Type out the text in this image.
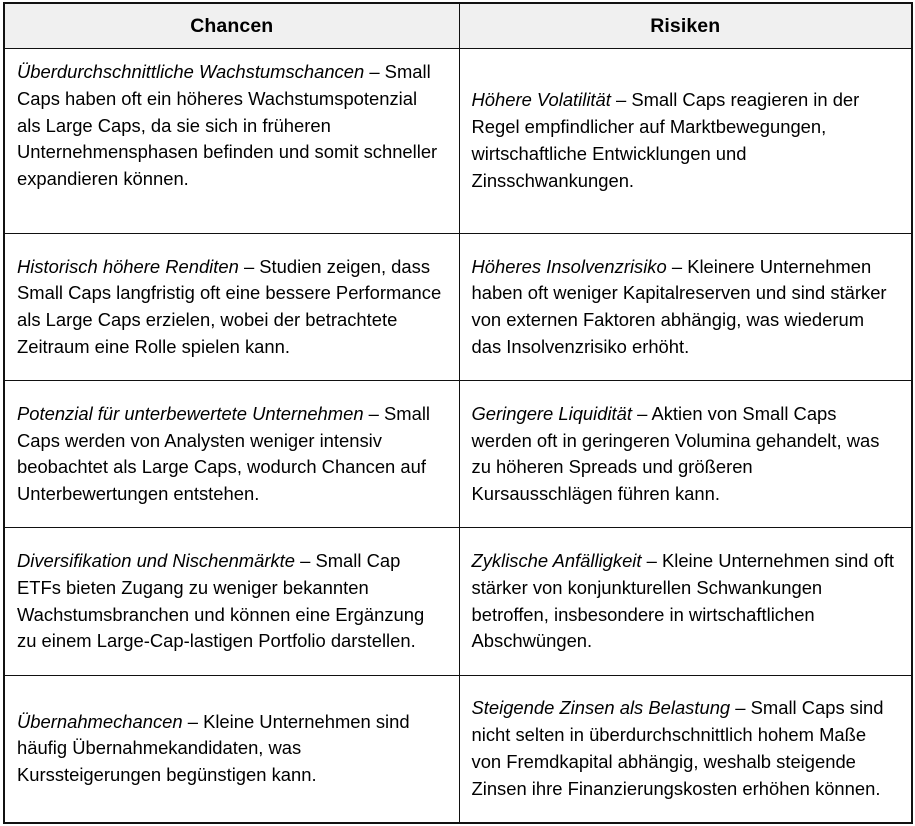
Chancen	Risiken
Überdurchschnittliche Wachstumschancen – Small Caps haben oft ein höheres Wachstumspotenzial als Large Caps, da sie sich in früheren Unternehmensphasen befinden und somit schneller expandieren können.	Höhere Volatilität – Small Caps reagieren in der Regel empfindlicher auf Marktbewegungen, wirtschaftliche Entwicklungen und Zinsschwankungen.
Historisch höhere Renditen – Studien zeigen, dass Small Caps langfristig oft eine bessere Performance als Large Caps erzielen, wobei der betrachtete Zeitraum eine Rolle spielen kann.	Höheres Insolvenzrisiko – Kleinere Unternehmen haben oft weniger Kapitalreserven und sind stärker von externen Faktoren abhängig, was wiederum das Insolvenzrisiko erhöht.
Potenzial für unterbewertete Unternehmen – Small Caps werden von Analysten weniger intensiv beobachtet als Large Caps, wodurch Chancen auf Unterbewertungen entstehen.	Geringere Liquidität – Aktien von Small Caps werden oft in geringeren Volumina gehandelt, was zu höheren Spreads und größeren Kursausschlägen führen kann.
Diversifikation und Nischenmärkte – Small Cap ETFs bieten Zugang zu weniger bekannten Wachstumsbranchen und können eine Ergänzung zu einem Large-Cap-lastigen Portfolio darstellen.	Zyklische Anfälligkeit – Kleine Unternehmen sind oft stärker von konjunkturellen Schwankungen betroffen, insbesondere in wirtschaftlichen Abschwüngen.
Übernahmechancen – Kleine Unternehmen sind häufig Übernahmekandidaten, was Kurssteigerungen begünstigen kann.	Steigende Zinsen als Belastung – Small Caps sind nicht selten in überdurchschnittlich hohem Maße von Fremdkapital abhängig, weshalb steigende Zinsen ihre Finanzierungskosten erhöhen können.
